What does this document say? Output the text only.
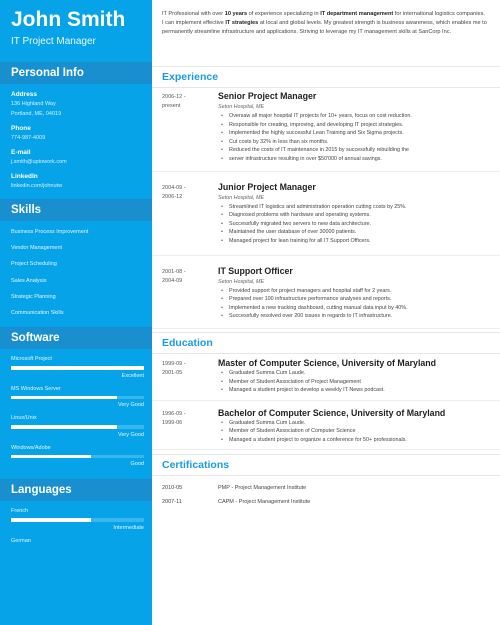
John Smith
IT Project Manager
Personal Info
Address
136 Highland Way
Portland, ME, 04019
Phone
774-987-4009
E-mail
j.smith@uptowork.com
LinkedIn
linkedin.com/johnutw
Skills
Business Process Improvement
Vendor Management
Project Scheduling
Sales Analysis
Strategic Planning
Communication Skills
Software
Microsoft Project
Excellent
MS Windows Server
Very Good
Linux/Unix
Very Good
Windows/Adobe
Good
Languages
French
Intermediate
German
IT Professional with over 10 years of experience specializing in IT department management for international logistics companies. I can implement effective IT strategies at local and global levels. My greatest strength is business awareness, which enables me to permanently streamline infrastructure and applications. Striving to leverage my IT management skills at SanCorp Inc.
Experience
2006-12 -
present
Senior Project Manager
Seton Hospital, ME
• Oversaw all major hospital IT projects for 10+ years, focus on cost reduction.
• Responsible for creating, improving, and developing IT project strategies.
• Implemented the highly successful Lean Training and Six Sigma projects.
• Cut costs by 32% in less than six months.
• Reduced the costs of IT maintenance in 2015 by successfully rebuilding the
• server infrastructure resulting in over $50'000 of annual savings.
2004-09 -
2006-12
Junior Project Manager
Seton Hospital, ME
• Streamlined IT logistics and administration operation cutting costs by 25%.
• Diagnosed problems with hardware and operating systems.
• Successfully migrated two servers to new data architecture.
• Maintained the user database of over 30000 patients.
• Managed project for lean training for all IT Support Officers.
2001-08 -
2004-09
IT Support Officer
Seton Hospital, ME
• Provided support for project managers and hospital staff for 2 years.
• Prepared over 100 infrastructure performance analyses and reports.
• Implemented a new tracking dashboard, cutting manual data input by 40%.
• Successfully resolved over 200 issues in regards to IT infrastructure.
Education
1999-09 -
2001-05
Master of Computer Science, University of Maryland
• Graduated Summa Cum Laude.
• Member of Student Association of Project Management
• Managed a student project to develop a weekly IT News podcast.
1996-09 -
1999-06
Bachelor of Computer Science, University of Maryland
• Graduated Summa Cum Laude.
• Member of Student Association of Computer Science
• Managed a student project to organize a conference for 50+ professionals.
Certifications
2010-05	PMP - Project Management Institute
2007-11	CAPM - Project Management Institute
